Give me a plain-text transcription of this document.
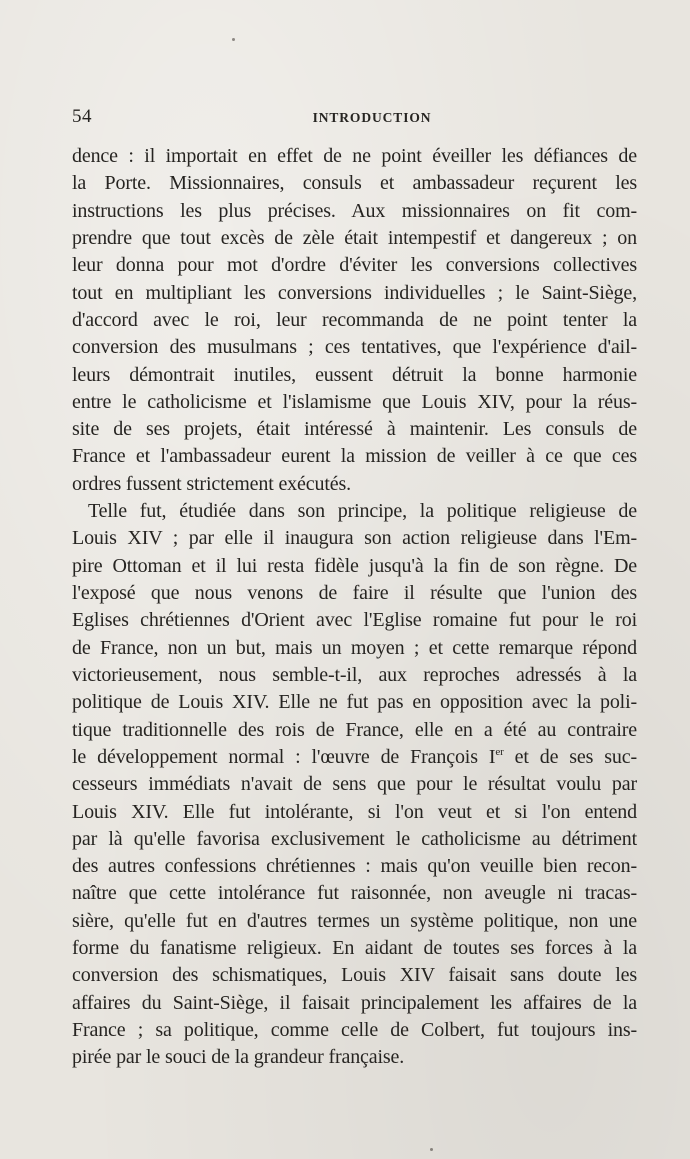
54	INTRODUCTION
dence : il importait en effet de ne point éveiller les défiances de
la Porte. Missionnaires, consuls et ambassadeur reçurent les
instructions les plus précises. Aux missionnaires on fit com-
prendre que tout excès de zèle était intempestif et dangereux ; on
leur donna pour mot d'ordre d'éviter les conversions collectives
tout en multipliant les conversions individuelles ; le Saint-Siège,
d'accord avec le roi, leur recommanda de ne point tenter la
conversion des musulmans ; ces tentatives, que l'expérience d'ail-
leurs démontrait inutiles, eussent détruit la bonne harmonie
entre le catholicisme et l'islamisme que Louis XIV, pour la réus-
site de ses projets, était intéressé à maintenir. Les consuls de
France et l'ambassadeur eurent la mission de veiller à ce que ces
ordres fussent strictement exécutés.
Telle fut, étudiée dans son principe, la politique religieuse de
Louis XIV ; par elle il inaugura son action religieuse dans l'Em-
pire Ottoman et il lui resta fidèle jusqu'à la fin de son règne. De
l'exposé que nous venons de faire il résulte que l'union des
Eglises chrétiennes d'Orient avec l'Eglise romaine fut pour le roi
de France, non un but, mais un moyen ; et cette remarque répond
victorieusement, nous semble-t-il, aux reproches adressés à la
politique de Louis XIV. Elle ne fut pas en opposition avec la poli-
tique traditionnelle des rois de France, elle en a été au contraire
le développement normal : l'œuvre de François Ier et de ses suc-
cesseurs immédiats n'avait de sens que pour le résultat voulu par
Louis XIV. Elle fut intolérante, si l'on veut et si l'on entend
par là qu'elle favorisa exclusivement le catholicisme au détriment
des autres confessions chrétiennes : mais qu'on veuille bien recon-
naître que cette intolérance fut raisonnée, non aveugle ni tracas-
sière, qu'elle fut en d'autres termes un système politique, non une
forme du fanatisme religieux. En aidant de toutes ses forces à la
conversion des schismatiques, Louis XIV faisait sans doute les
affaires du Saint-Siège, il faisait principalement les affaires de la
France ; sa politique, comme celle de Colbert, fut toujours ins-
pirée par le souci de la grandeur française.
